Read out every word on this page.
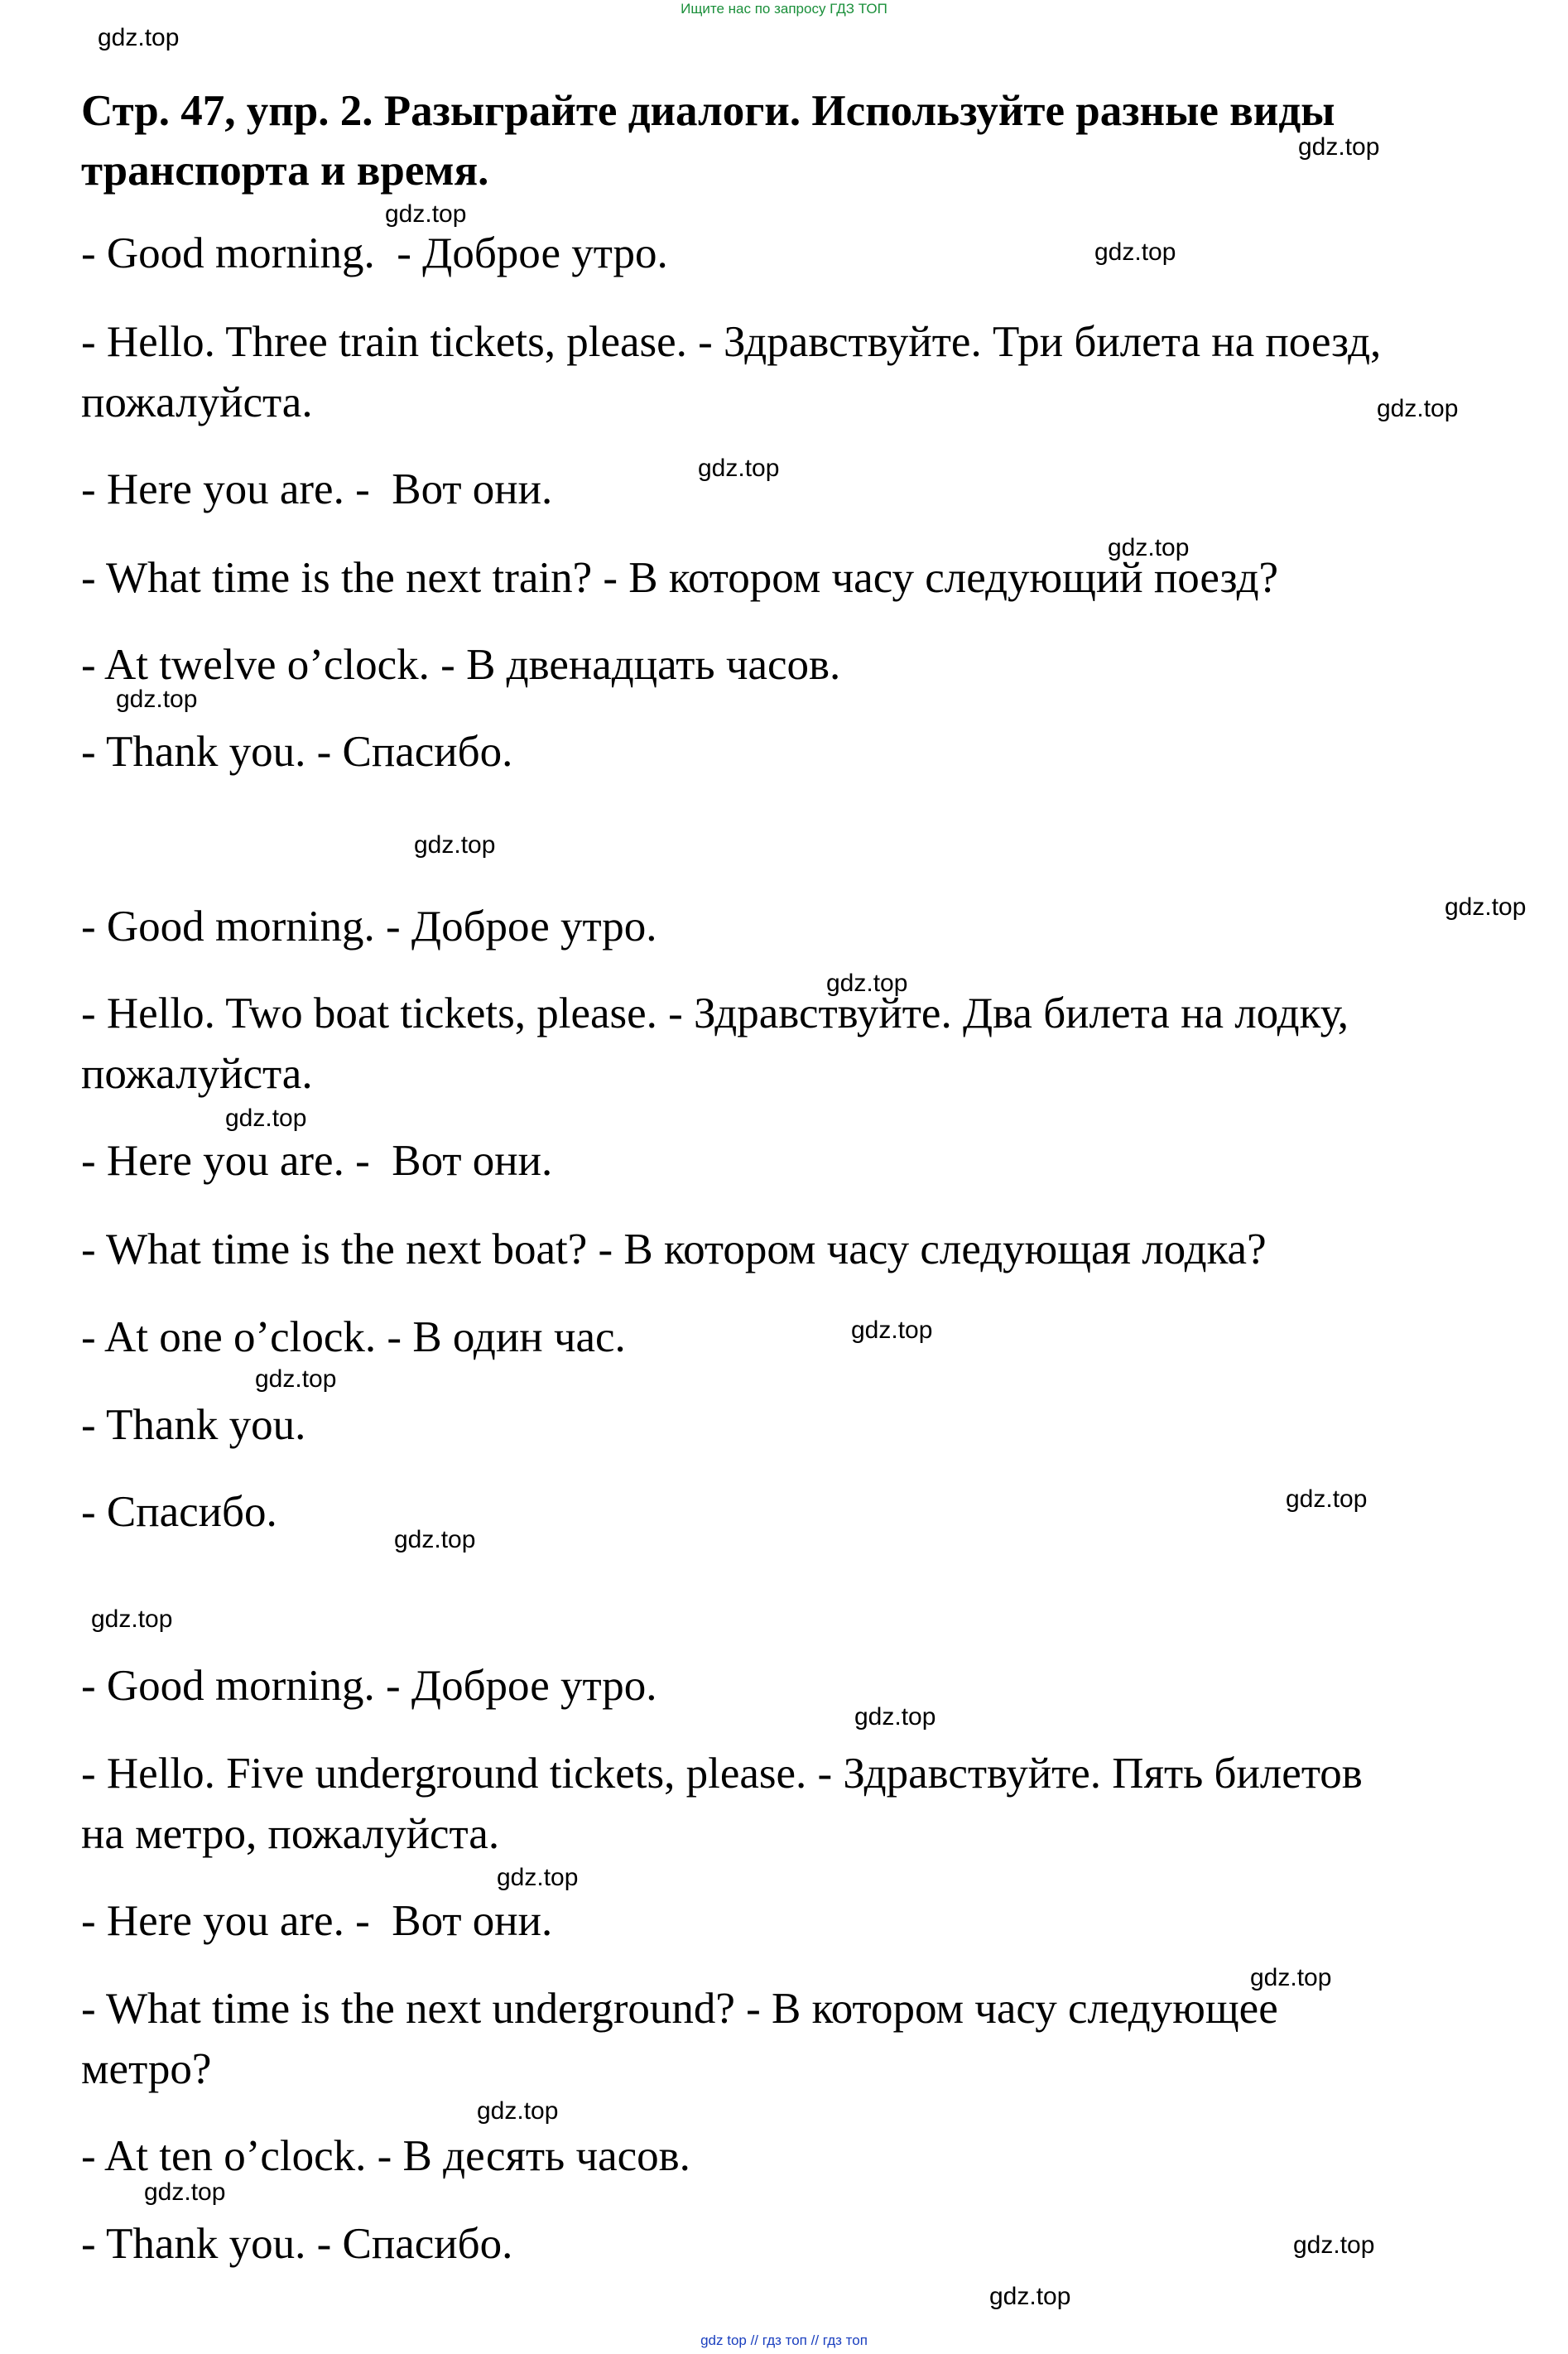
Ищите нас по запросу ГДЗ ТОП
Стр. 47, упр. 2. Разыграйте диалоги. Используйте разные виды
транспорта и время.
- Good morning.  - Доброе утро.
- Hello. Three train tickets, please. - Здравствуйте. Три билета на поезд,
пожалуйста.
- Here you are. -  Вот они.
- What time is the next train? - В котором часу следующий поезд?
- At twelve o’clock. - В двенадцать часов.
- Thank you. - Спасибо.
- Good morning. - Доброе утро.
- Hello. Two boat tickets, please. - Здравствуйте. Два билета на лодку,
пожалуйста.
- Here you are. -  Вот они.
- What time is the next boat? - В котором часу следующая лодка?
- At one o’clock. - В один час.
- Thank you.
- Спасибо.
- Good morning. - Доброе утро.
- Hello. Five underground tickets, please. - Здравствуйте. Пять билетов
на метро, пожалуйста.
- Here you are. -  Вот они.
- What time is the next underground? - В котором часу следующее
метро?
- At ten o’clock. - В десять часов.
- Thank you. - Спасибо.
gdz.top
gdz.top
gdz.top
gdz.top
gdz.top
gdz.top
gdz.top
gdz.top
gdz.top
gdz.top
gdz.top
gdz.top
gdz.top
gdz.top
gdz.top
gdz.top
gdz.top
gdz.top
gdz.top
gdz.top
gdz.top
gdz.top
gdz.top
gdz.top
gdz top // гдз топ // гдз топ
